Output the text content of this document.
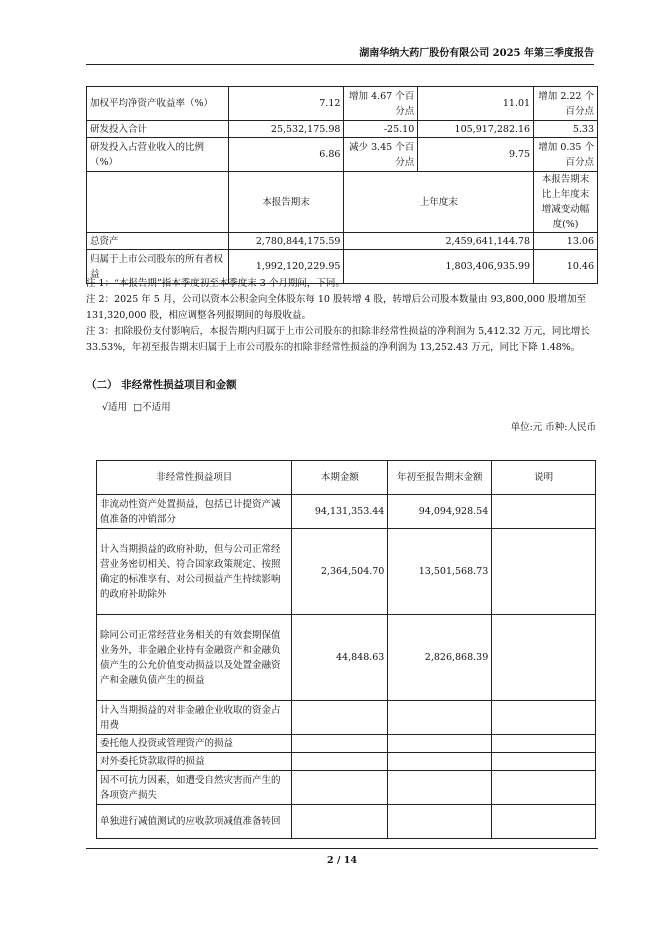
湖南华纳大药厂股份有限公司 2025 年第三季度报告
加权平均净资产收益率（%）	7.12	增加 4.67 个百分点	11.01	增加 2.22 个百分点
研发投入合计	25,532,175.98	-25.10	105,917,282.16	5.33
研发投入占营业收入的比例（%）	6.86	减少 3.45 个百分点	9.75	增加 0.35 个百分点
	本报告期末	上年度末		本报告期末比上年度末增减变动幅度(%)
总资产	2,780,844,175.59	2,459,641,144.78		13.06
归属于上市公司股东的所有者权益	1,992,120,229.95	1,803,406,935.99		10.46

注 1：“本报告期”指本季度初至本季度末 3 个月期间，下同。

注 2：2025 年 5 月，公司以资本公积金向全体股东每 10 股转增 4 股，转增后公司股本数量由 93,800,000 股增加至 131,320,000 股，相应调整各列报期间的每股收益。

注 3：扣除股份支付影响后，本报告期内归属于上市公司股东的扣除非经常性损益的净利润为 5,412.32 万元，同比增长 33.53%，年初至报告期末归属于上市公司股东的扣除非经常性损益的净利润为 13,252.43 万元，同比下降 1.48%。

（二） 非经常性损益项目和金额
√适用 □不适用
单位:元 币种:人民币
非经常性损益项目	本期金额	年初至报告期末金额	说明
非流动性资产处置损益，包括已计提资产减值准备的冲销部分	94,131,353.44	94,094,928.54	
计入当期损益的政府补助，但与公司正常经营业务密切相关、符合国家政策规定、按照确定的标准享有、对公司损益产生持续影响的政府补助除外	2,364,504.70	13,501,568.73	
除同公司正常经营业务相关的有效套期保值业务外，非金融企业持有金融资产和金融负债产生的公允价值变动损益以及处置金融资产和金融负债产生的损益	44,848.63	2,826,868.39	
计入当期损益的对非金融企业收取的资金占用费			
委托他人投资或管理资产的损益			
对外委托贷款取得的损益			
因不可抗力因素，如遭受自然灾害而产生的各项资产损失			
单独进行减值测试的应收款项减值准备转回			
2 / 14
